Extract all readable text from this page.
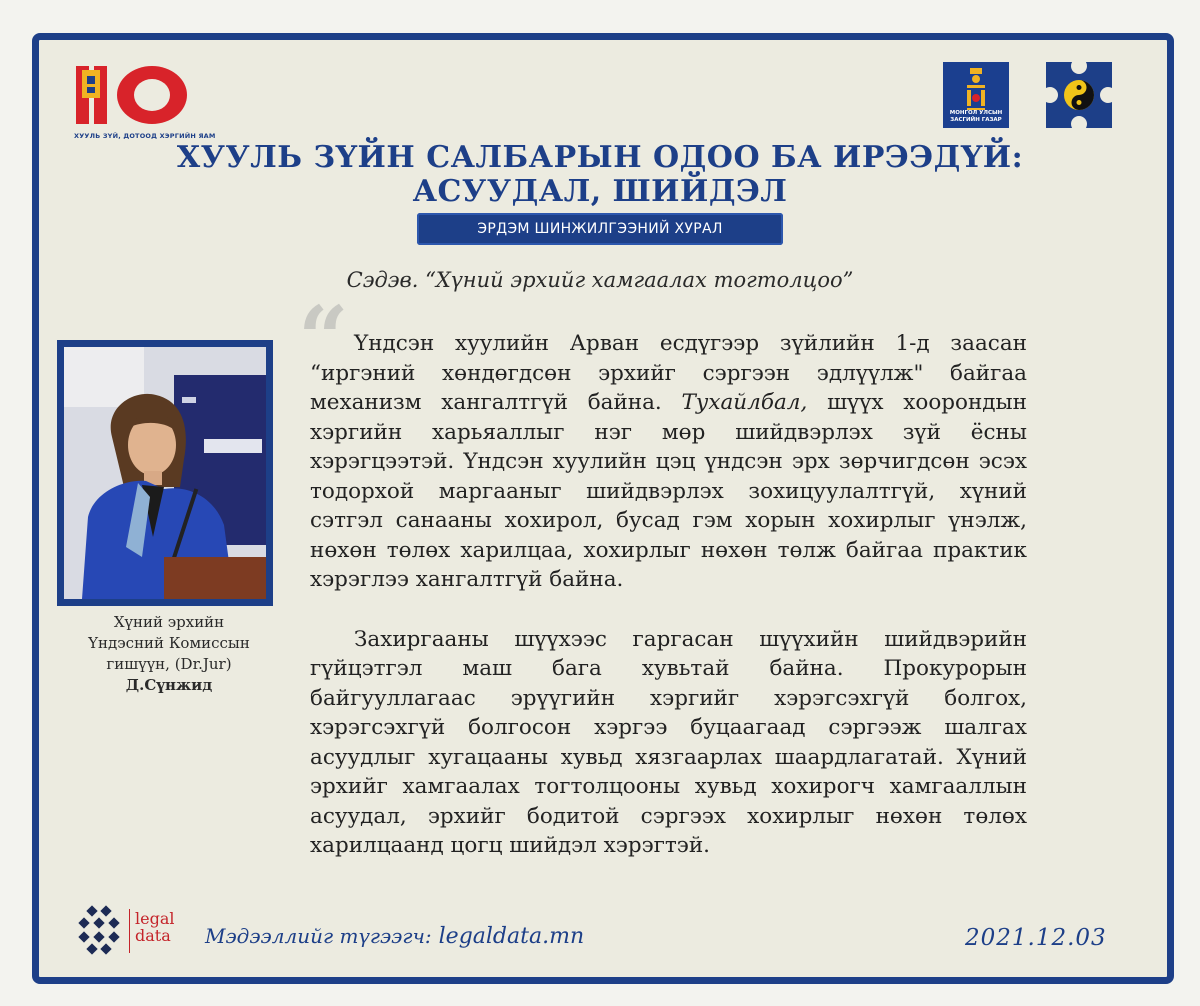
ХУУЛЬ ЗҮЙ, ДОТООД ХЭРГИЙН ЯАМ
МОНГОЛ УЛСЫН
ЗАСГИЙН ГАЗАР
ХУУЛЬ ЗҮЙН САЛБАРЫН ОДОО БА ИРЭЭДҮЙ:
АСУУДАЛ, ШИЙДЭЛ
ЭРДЭМ ШИНЖИЛГЭЭНИЙ ХУРАЛ
Сэдэв. “Хүний эрхийг хамгаалах тогтолцоо”
“
Хүний эрхийн
Үндэсний Комиссын
гишүүн, (Dr.Jur)
Д.Сүнжид

Үндсэн хуулийн Арван есдүгээр зүйлийн 1-д заасан “иргэний хөндөгдсөн эрхийг сэргээн эдлүүлж" байгаа механизм хангалтгүй байна. Тухайлбал, шүүх хоорондын хэргийн харьяаллыг нэг мөр шийдвэрлэх зүй ёсны хэрэгцээтэй. Үндсэн хуулийн цэц үндсэн эрх зөрчигдсөн эсэх тодорхой маргааныг шийдвэрлэх зохицуулалтгүй, хүний сэтгэл санааны хохирол, бусад гэм хорын хохирлыг үнэлж, нөхөн төлөх харилцаа, хохирлыг нөхөн төлж байгаа практик хэрэглээ хангалтгүй байна.

Захиргааны шүүхээс гаргасан шүүхийн шийдвэрийн гүйцэтгэл маш бага хувьтай байна. Прокурорын байгууллагаас эрүүгийн хэргийг хэрэгсэхгүй болгох, хэрэгсэхгүй болгосон хэргээ буцаагаад сэргээж шалгах асуудлыг хугацааны хувьд хязгаарлах шаардлагатай. Хүний эрхийг хамгаалах тогтолцооны хувьд хохирогч хамгааллын асуудал, эрхийг бодитой сэргээх хохирлыг нөхөн төлөх харилцаанд цогц шийдэл хэрэгтэй.

legal
data Мэдээллийг түгээгч: legaldata.mn	2021.12.03
